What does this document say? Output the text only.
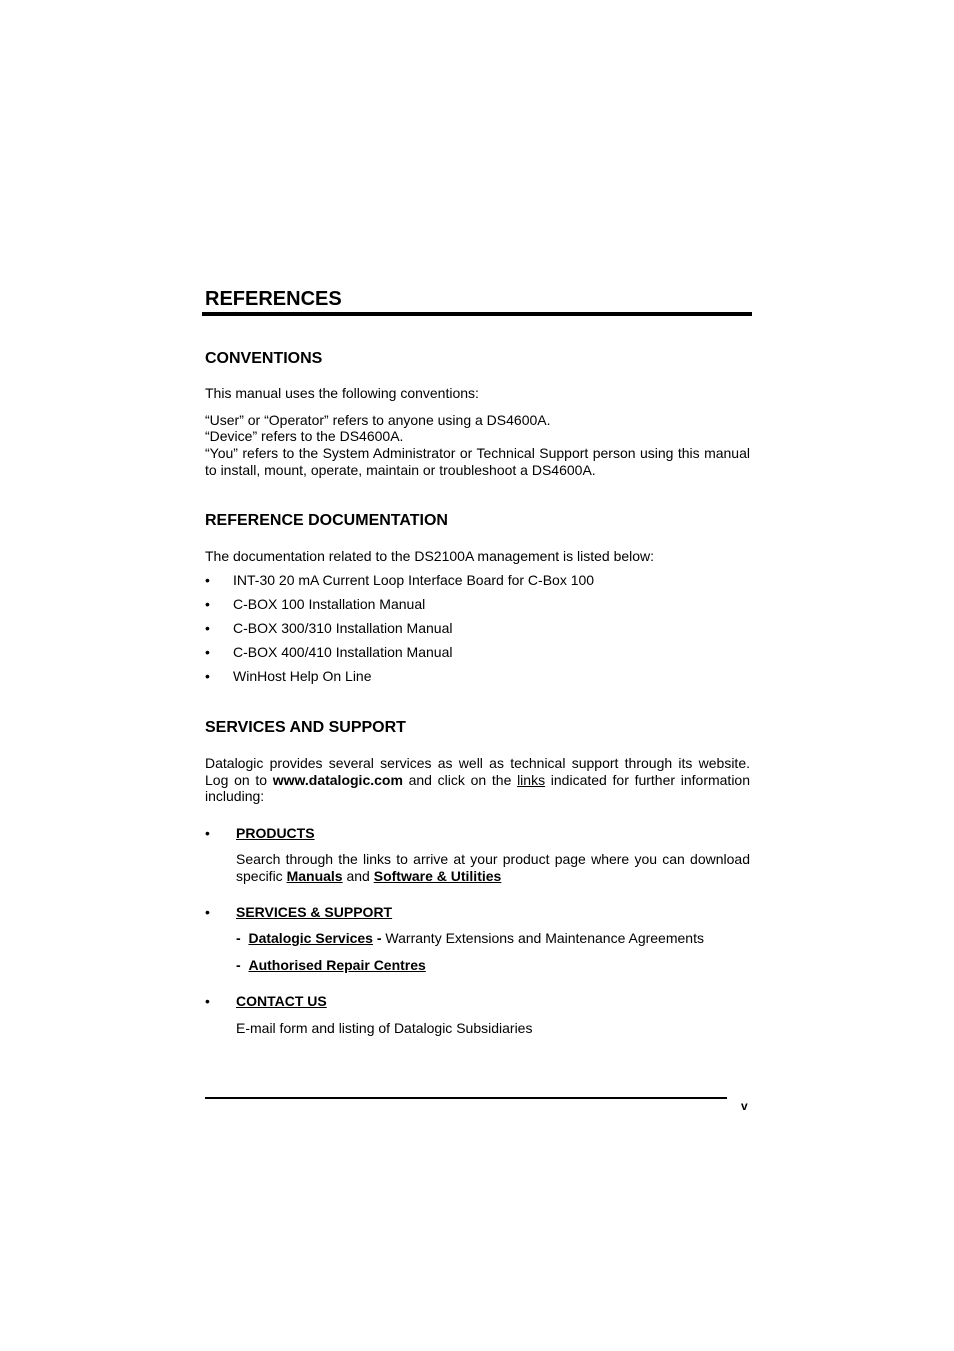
REFERENCES
CONVENTIONS
This manual uses the following conventions:
“User” or “Operator” refers to anyone using a DS4600A.
“Device” refers to the DS4600A.
“You” refers to the System Administrator or Technical Support person using this manual to install, mount, operate, maintain or troubleshoot a DS4600A.
REFERENCE DOCUMENTATION
The documentation related to the DS2100A management is listed below:
• INT-30 20 mA Current Loop Interface Board for C-Box 100
• C-BOX 100 Installation Manual
• C-BOX 300/310 Installation Manual
• C-BOX 400/410 Installation Manual
• WinHost Help On Line
SERVICES AND SUPPORT
Datalogic provides several services as well as technical support through its website. Log on to www.datalogic.com and click on the links indicated for further information including:
• PRODUCTS
Search through the links to arrive at your product page where you can download specific Manuals and Software & Utilities
• SERVICES & SUPPORT
- Datalogic Services - Warranty Extensions and Maintenance Agreements
- Authorised Repair Centres
• CONTACT US
E-mail form and listing of Datalogic Subsidiaries
v
